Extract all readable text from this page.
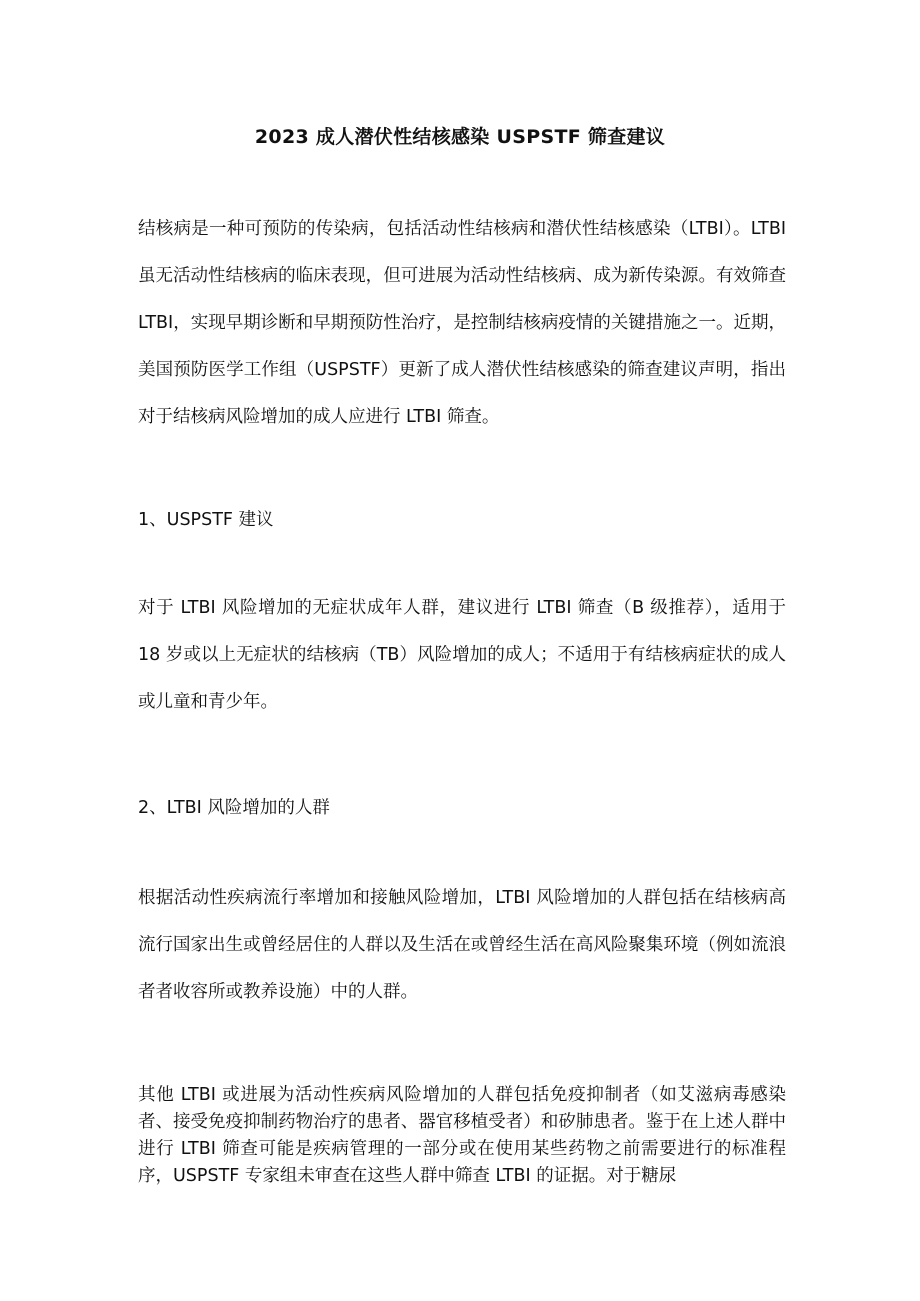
2023 成人潜伏性结核感染 USPSTF 筛查建议
结核病是一种可预防的传染病，包括活动性结核病和潜伏性结核感染（LTBI）。LTBI 虽无活动性结核病的临床表现，但可进展为活动性结核病、成为新传染源。有效筛查 LTBI，实现早期诊断和早期预防性治疗，是控制结核病疫情的关键措施之一。近期，美国预防医学工作组（USPSTF）更新了成人潜伏性结核感染的筛查建议声明，指出对于结核病风险增加的成人应进行 LTBI 筛查。
1、USPSTF 建议
对于 LTBI 风险增加的无症状成年人群，建议进行 LTBI 筛查（B 级推荐），适用于 18 岁或以上无症状的结核病（TB）风险增加的成人；不适用于有结核病症状的成人或儿童和青少年。
2、LTBI 风险增加的人群
根据活动性疾病流行率增加和接触风险增加，LTBI 风险增加的人群包括在结核病高流行国家出生或曾经居住的人群以及生活在或曾经生活在高风险聚集环境（例如流浪者者收容所或教养设施）中的人群。
其他 LTBI 或进展为活动性疾病风险增加的人群包括免疫抑制者（如艾滋病毒感染者、接受免疫抑制药物治疗的患者、器官移植受者）和矽肺患者。鉴于在上述人群中进行 LTBI 筛查可能是疾病管理的一部分或在使用某些药物之前需要进行的标准程序，USPSTF 专家组未审查在这些人群中筛查 LTBI 的证据。对于糖尿
